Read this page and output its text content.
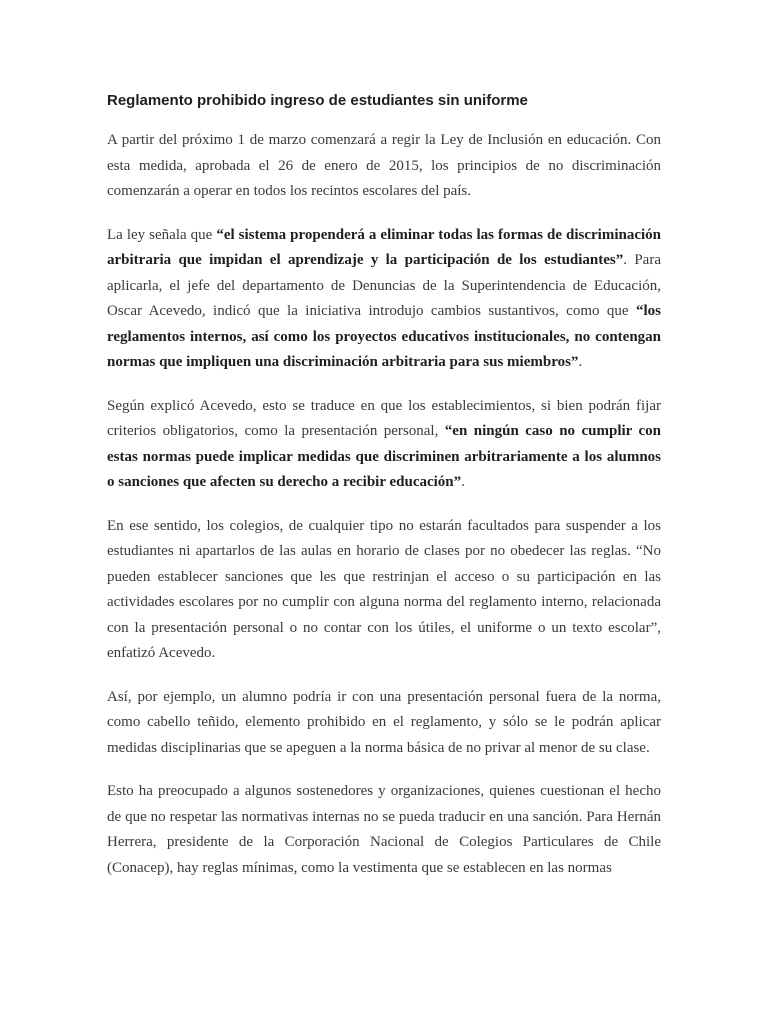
Reglamento prohibido ingreso de estudiantes sin uniforme

A partir del próximo 1 de marzo comenzará a regir la Ley de Inclusión en educación. Con esta medida, aprobada el 26 de enero de 2015, los principios de no discriminación comenzarán a operar en todos los recintos escolares del país.

La ley señala que “el sistema propenderá a eliminar todas las formas de discriminación arbitraria que impidan el aprendizaje y la participación de los estudiantes”. Para aplicarla, el jefe del departamento de Denuncias de la Superintendencia de Educación, Oscar Acevedo, indicó que la iniciativa introdujo cambios sustantivos, como que “los reglamentos internos, así como los proyectos educativos institucionales, no contengan normas que impliquen una discriminación arbitraria para sus miembros”.

Según explicó Acevedo, esto se traduce en que los establecimientos, si bien podrán fijar criterios obligatorios, como la presentación personal, “en ningún caso no cumplir con estas normas puede implicar medidas que discriminen arbitrariamente a los alumnos o sanciones que afecten su derecho a recibir educación”.

En ese sentido, los colegios, de cualquier tipo no estarán facultados para suspender a los estudiantes ni apartarlos de las aulas en horario de clases por no obedecer las reglas. “No pueden establecer sanciones que les que restrinjan el acceso o su participación en las actividades escolares por no cumplir con alguna norma del reglamento interno, relacionada con la presentación personal o no contar con los útiles, el uniforme o un texto escolar”, enfatizó Acevedo.

Así, por ejemplo, un alumno podría ir con una presentación personal fuera de la norma, como cabello teñido, elemento prohibido en el reglamento, y sólo se le podrán aplicar medidas disciplinarias que se apeguen a la norma básica de no privar al menor de su clase.

Esto ha preocupado a algunos sostenedores y organizaciones, quienes cuestionan el hecho de que no respetar las normativas internas no se pueda traducir en una sanción. Para Hernán Herrera, presidente de la Corporación Nacional de Colegios Particulares de Chile (Conacep), hay reglas mínimas, como la vestimenta que se establecen en las normas
